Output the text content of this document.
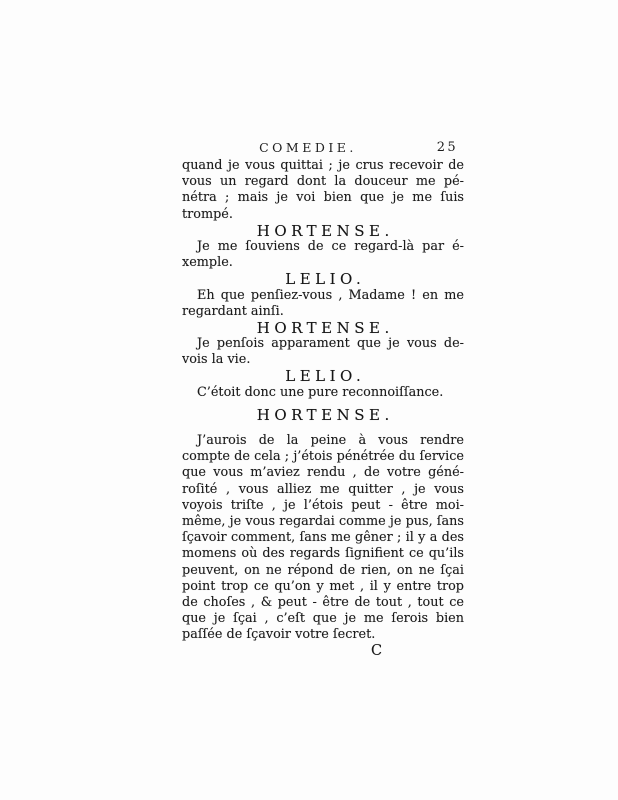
COMEDIE.	25
quand je vous quittai ; je crus recevoir de
vous un regard dont la douceur me pé-
nétra ; mais je voi bien que je me ſuis
trompé.
HORTENSE.
Je me ſouviens de ce regard-là par é-
xemple.
LELIO.
Eh que penſiez-vous , Madame ! en me
regardant ainſi.
HORTENSE.
Je penſois apparament que je vous de-
vois la vie.
LELIO.
C’étoit donc une pure reconnoiſſance.
HORTENSE.
J’aurois de la peine à vous rendre
compte de cela ; j’étois pénétrée du ſervice
que vous m’aviez rendu , de votre géné-
roſité , vous alliez me quitter , je vous
voyois triſte , je l’étois peut - être moi-
même, je vous regardai comme je pus, ſans
ſçavoir comment, ſans me gêner ; il y a des
momens où des regards ſignifient ce qu’ils
peuvent, on ne répond de rien, on ne ſçai
point trop ce qu’on y met , il y entre trop
de choſes , & peut - être de tout , tout ce
que je ſçai , c’eſt que je me ſerois bien
paſſée de ſçavoir votre ſecret.
C
